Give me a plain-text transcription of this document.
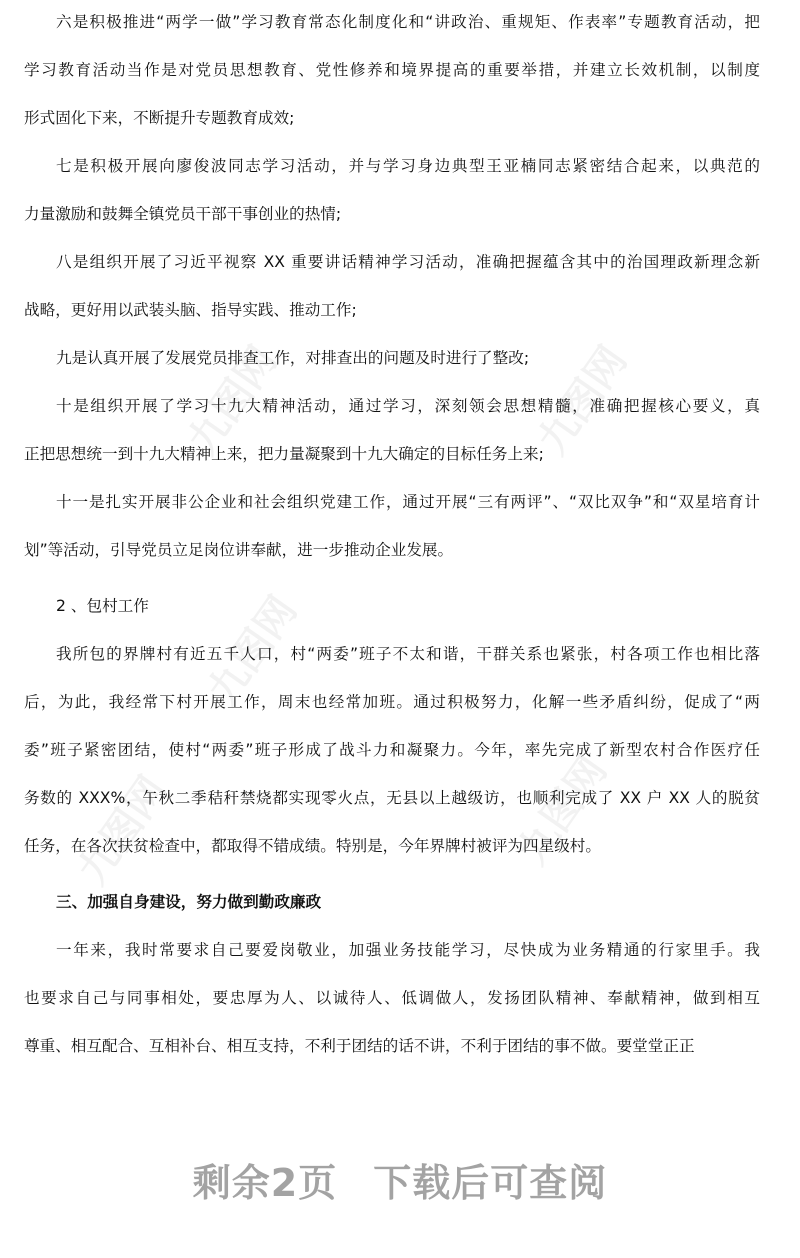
九图网	九图网
九图网
九图网	九图网
六是积极推进“两学一做”学习教育常态化制度化和“讲政治、重规矩、作表率”专题教育活动，把
学习教育活动当作是对党员思想教育、党性修养和境界提高的重要举措，并建立长效机制，以制度
形式固化下来，不断提升专题教育成效;
七是积极开展向廖俊波同志学习活动，并与学习身边典型王亚楠同志紧密结合起来，以典范的
力量激励和鼓舞全镇党员干部干事创业的热情;
八是组织开展了习近平视察 XX 重要讲话精神学习活动，准确把握蕴含其中的治国理政新理念新
战略，更好用以武装头脑、指导实践、推动工作;
九是认真开展了发展党员排查工作，对排查出的问题及时进行了整改;
十是组织开展了学习十九大精神活动，通过学习，深刻领会思想精髓，准确把握核心要义，真
正把思想统一到十九大精神上来，把力量凝聚到十九大确定的目标任务上来;
十一是扎实开展非公企业和社会组织党建工作，通过开展“三有两评”、“双比双争”和“双星培育计
划”等活动，引导党员立足岗位讲奉献，进一步推动企业发展。
2 、包村工作
我所包的界牌村有近五千人口，村“两委”班子不太和谐，干群关系也紧张，村各项工作也相比落
后，为此，我经常下村开展工作，周末也经常加班。通过积极努力，化解一些矛盾纠纷，促成了“两
委”班子紧密团结，使村“两委”班子形成了战斗力和凝聚力。今年，率先完成了新型农村合作医疗任
务数的 XXX%，午秋二季秸秆禁烧都实现零火点，无县以上越级访，也顺利完成了 XX 户 XX 人的脱贫
任务，在各次扶贫检查中，都取得不错成绩。特别是，今年界牌村被评为四星级村。
三、加强自身建设，努力做到勤政廉政
一年来，我时常要求自己要爱岗敬业，加强业务技能学习，尽快成为业务精通的行家里手。我
也要求自己与同事相处，要忠厚为人、以诚待人、低调做人，发扬团队精神、奉献精神，做到相互
尊重、相互配合、互相补台、相互支持，不利于团结的话不讲，不利于团结的事不做。要堂堂正正
剩余2页 下载后可查阅
